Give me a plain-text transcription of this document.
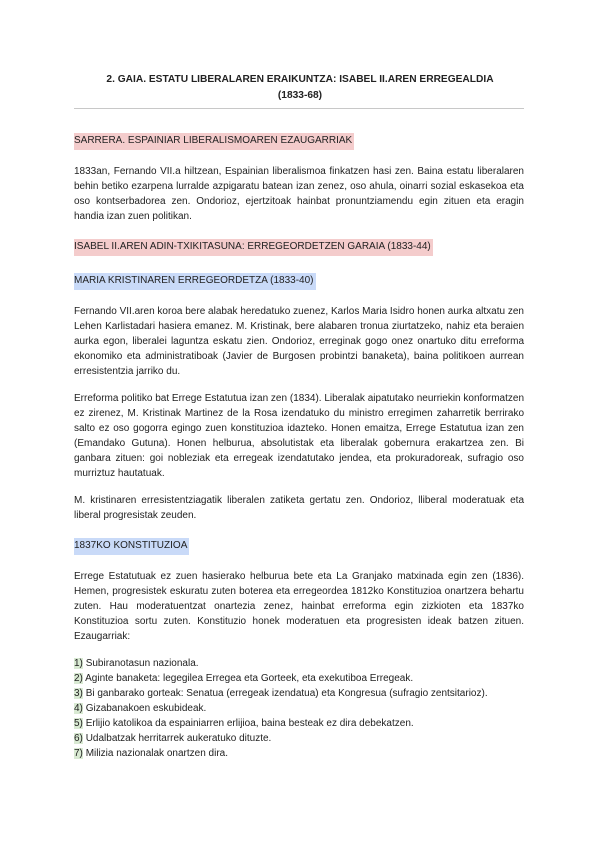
2. GAIA. ESTATU LIBERALAREN ERAIKUNTZA: ISABEL II.AREN ERREGEALDIA
(1833-68)
SARRERA. ESPAINIAR LIBERALISMOAREN EZAUGARRIAK

1833an, Fernando VII.a hiltzean, Espainian liberalismoa finkatzen hasi zen. Baina estatu liberalaren behin betiko ezarpena lurralde azpigaratu batean izan zenez, oso ahula, oinarri sozial eskasekoa eta oso kontserbadorea zen. Ondorioz, ejertzitoak hainbat pronuntziamendu egin zituen eta eragin handia izan zuen politikan.

ISABEL II.AREN ADIN-TXIKITASUNA: ERREGEORDETZEN GARAIA (1833-44)
MARIA KRISTINAREN ERREGEORDETZA (1833-40)

Fernando VII.aren koroa bere alabak heredatuko zuenez, Karlos Maria Isidro honen aurka altxatu zen Lehen Karlistadari hasiera emanez. M. Kristinak, bere alabaren tronua ziurtatzeko, nahiz eta beraien aurka egon, liberalei laguntza eskatu zien. Ondorioz, erreginak gogo onez onartuko ditu erreforma ekonomiko eta administratiboak (Javier de Burgosen probintzi banaketa), baina politikoen aurrean erresistentzia jarriko du.

Erreforma politiko bat Errege Estatutua izan zen (1834). Liberalak aipatutako neurriekin konformatzen ez zirenez, M. Kristinak Martinez de la Rosa izendatuko du ministro erregimen zaharretik berrirako salto ez oso gogorra egingo zuen konstituzioa idazteko. Honen emaitza, Errege Estatutua izan zen (Emandako Gutuna). Honen helburua, absolutistak eta liberalak gobernura erakartzea zen. Bi ganbara zituen: goi nobleziak eta erregeak izendatutako jendea, eta prokuradoreak, sufragio oso murriztuz hautatuak.

M. kristinaren erresistentziagatik liberalen zatiketa gertatu zen. Ondorioz, lliberal moderatuak eta liberal progresistak zeuden.

1837KO KONSTITUZIOA

Errege Estatutuak ez zuen hasierako helburua bete eta La Granjako matxinada egin zen (1836). Hemen, progresistek eskuratu zuten boterea eta erregeordea 1812ko Konstituzioa onartzera behartu zuten. Hau moderatuentzat onartezia zenez, hainbat erreforma egin zizkioten eta 1837ko Konstituzioa sortu zuten. Konstituzio honek moderatuen eta progresisten ideak batzen zituen. Ezaugarriak:

1) Subiranotasun nazionala.
2) Aginte banaketa: legegilea Erregea eta Gorteek, eta exekutiboa Erregeak.
3) Bi ganbarako gorteak: Senatua (erregeak izendatua) eta Kongresua (sufragio zentsitarioz).
4) Gizabanakoen eskubideak.
5) Erlijio katolikoa da espainiarren erlijioa, baina besteak ez dira debekatzen.
6) Udalbatzak herritarrek aukeratuko dituzte.
7) Milizia nazionalak onartzen dira.
